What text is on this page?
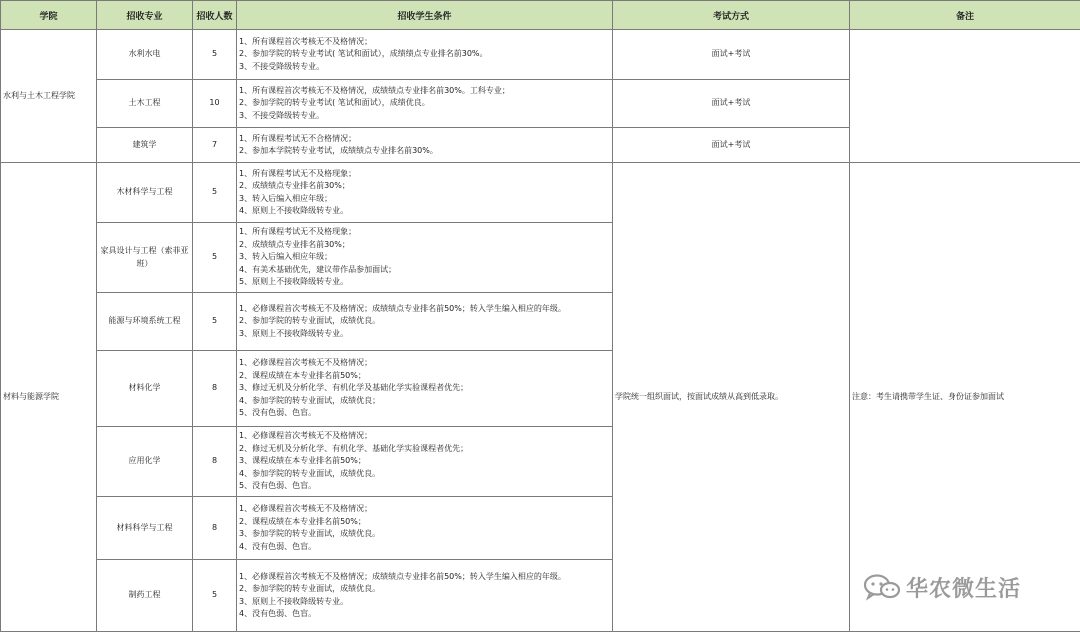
学院	招收专业	招收人数	招收学生条件	考试方式	备注
水利与土木工程学院	水利水电	5	1、所有课程首次考核无不及格情况；
2、参加学院的转专业考试( 笔试和面试），成绩绩点专业排名前30%。
3、不接受降级转专业。	面试+考试	
	土木工程	10	1、所有课程首次考核无不及格情况，成绩绩点专业排名前30%。工科专业；
2、参加学院的转专业考试( 笔试和面试），成绩优良。
3、不接受降级转专业。	面试+考试	
	建筑学	7	1、所有课程考试无不合格情况；
2、参加本学院转专业考试，成绩绩点专业排名前30%。	面试+考试	
材料与能源学院	木材科学与工程	5	1、所有课程考试无不及格现象；
2、成绩绩点专业排名前30%；
3、转入后编入相应年级；
4、原则上不接收降级转专业。	学院统一组织面试，按面试成绩从高到低录取。	注意：考生请携带学生证、身份证参加面试
	家具设计与工程（索菲亚班）	5	1、所有课程考试无不及格现象；
2、成绩绩点专业排名前30%；
3、转入后编入相应年级；
4、有美术基础优先，建议带作品参加面试；
5、原则上不接收降级转专业。		

	能源与环境系统工程	5	1、必修课程首次考核无不及格情况；成绩绩点专业排名前50%；转入学生编入相应的年级。
2、参加学院的转专业面试，成绩优良。
3、原则上不接收降级转专业。		

	材料化学	8	1、必修课程首次考核无不及格情况；
2、课程成绩在本专业排名前50%；
3、修过无机及分析化学、有机化学及基础化学实验课程者优先；
4、参加学院的转专业面试，成绩优良；
5、没有色弱、色盲。		

	应用化学	8	1、必修课程首次考核无不及格情况；
2、修过无机及分析化学、有机化学、基础化学实验课程者优先；
3、课程成绩在本专业排名前50%；
4、参加学院的转专业面试，成绩优良。
5、没有色弱、色盲。		

	材料科学与工程	8	1、必修课程首次考核无不及格情况；
2、课程成绩在本专业排名前50%；
3、参加学院的转专业面试，成绩优良。
4、没有色弱、色盲。		

	制药工程	5	1、必修课程首次考核无不及格情况；成绩绩点专业排名前50%；转入学生编入相应的年级。
2、参加学院的转专业面试，成绩优良。
3、原则上不接收降级转专业。
4、没有色弱、色盲。		
华农微生活
